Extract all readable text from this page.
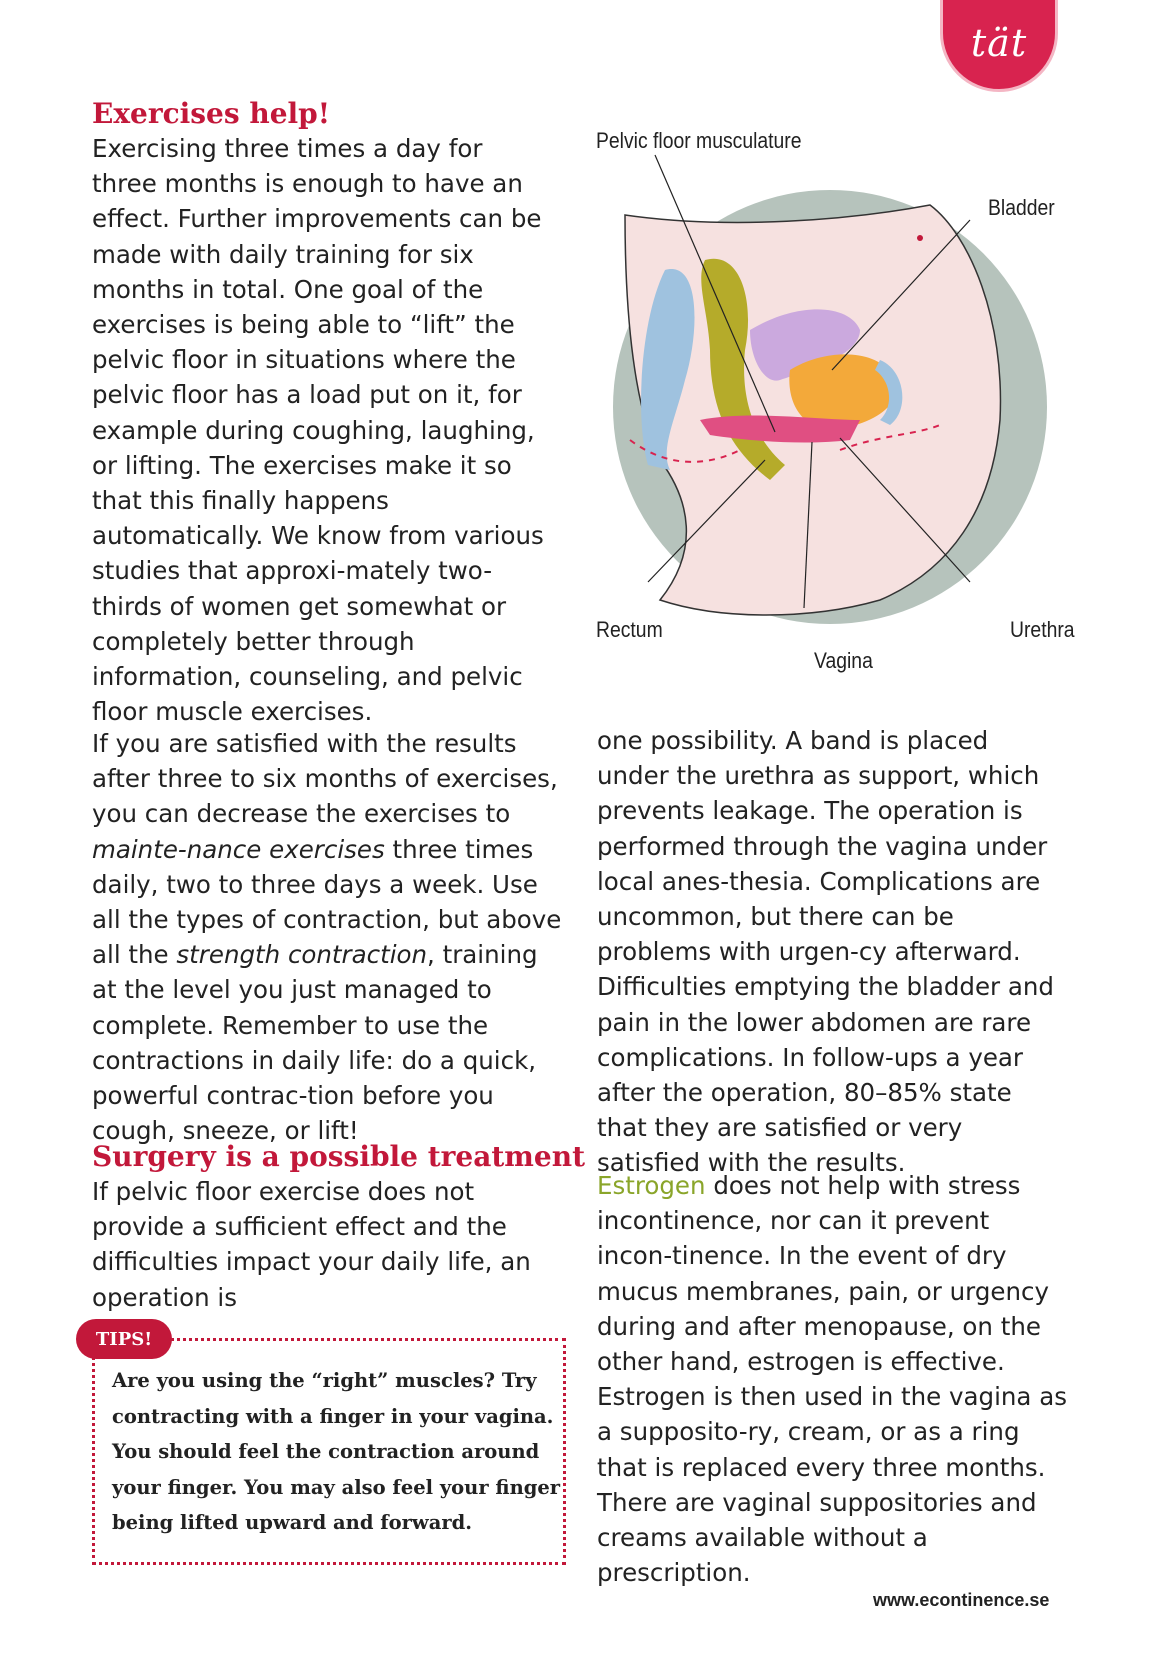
tät
Exercises help!

Exercising three times a day for three months is enough to have an effect. Further improvements can be made with daily training for six months in total. One goal of the exercises is being able to “lift” the pelvic floor in situations where the pelvic floor has a load put on it, for example during coughing, laughing, or lifting. The exercises make it so that this finally happens automatically. We know from various studies that approxi-mately two-thirds of women get somewhat or completely better through information, counseling, and pelvic floor muscle exercises.

If you are satisfied with the results after three to six months of exercises, you can decrease the exercises to mainte-nance exercises three times daily, two to three days a week. Use all the types of contraction, but above all the strength contraction, training at the level you just managed to complete. Remember to use the contractions in daily life: do a quick, powerful contrac-tion before you cough, sneeze, or lift!

Surgery is a possible treatment

If pelvic floor exercise does not provide a sufficient effect and the difficulties impact your daily life, an operation is

TIPS!

Are you using the “right” muscles? Try contracting with a finger in your vagina. You should feel the contraction around your finger. You may also feel your finger being lifted upward and forward.

Pelvic floor musculature
Bladder
Rectum	Urethra
Vagina

one possibility. A band is placed under the urethra as support, which prevents leakage. The operation is performed through the vagina under local anes-thesia. Complications are uncommon, but there can be problems with urgen-cy afterward. Difficulties emptying the bladder and pain in the lower abdomen are rare complications. In follow-ups a year after the operation, 80–85% state that they are satisfied or very satisfied with the results.

Estrogen does not help with stress incontinence, nor can it prevent incon-tinence. In the event of dry mucus membranes, pain, or urgency during and after menopause, on the other hand, estrogen is effective. Estrogen is then used in the vagina as a supposito-ry, cream, or as a ring that is replaced every three months. There are vaginal suppositories and creams available without a prescription.

www.econtinence.se
